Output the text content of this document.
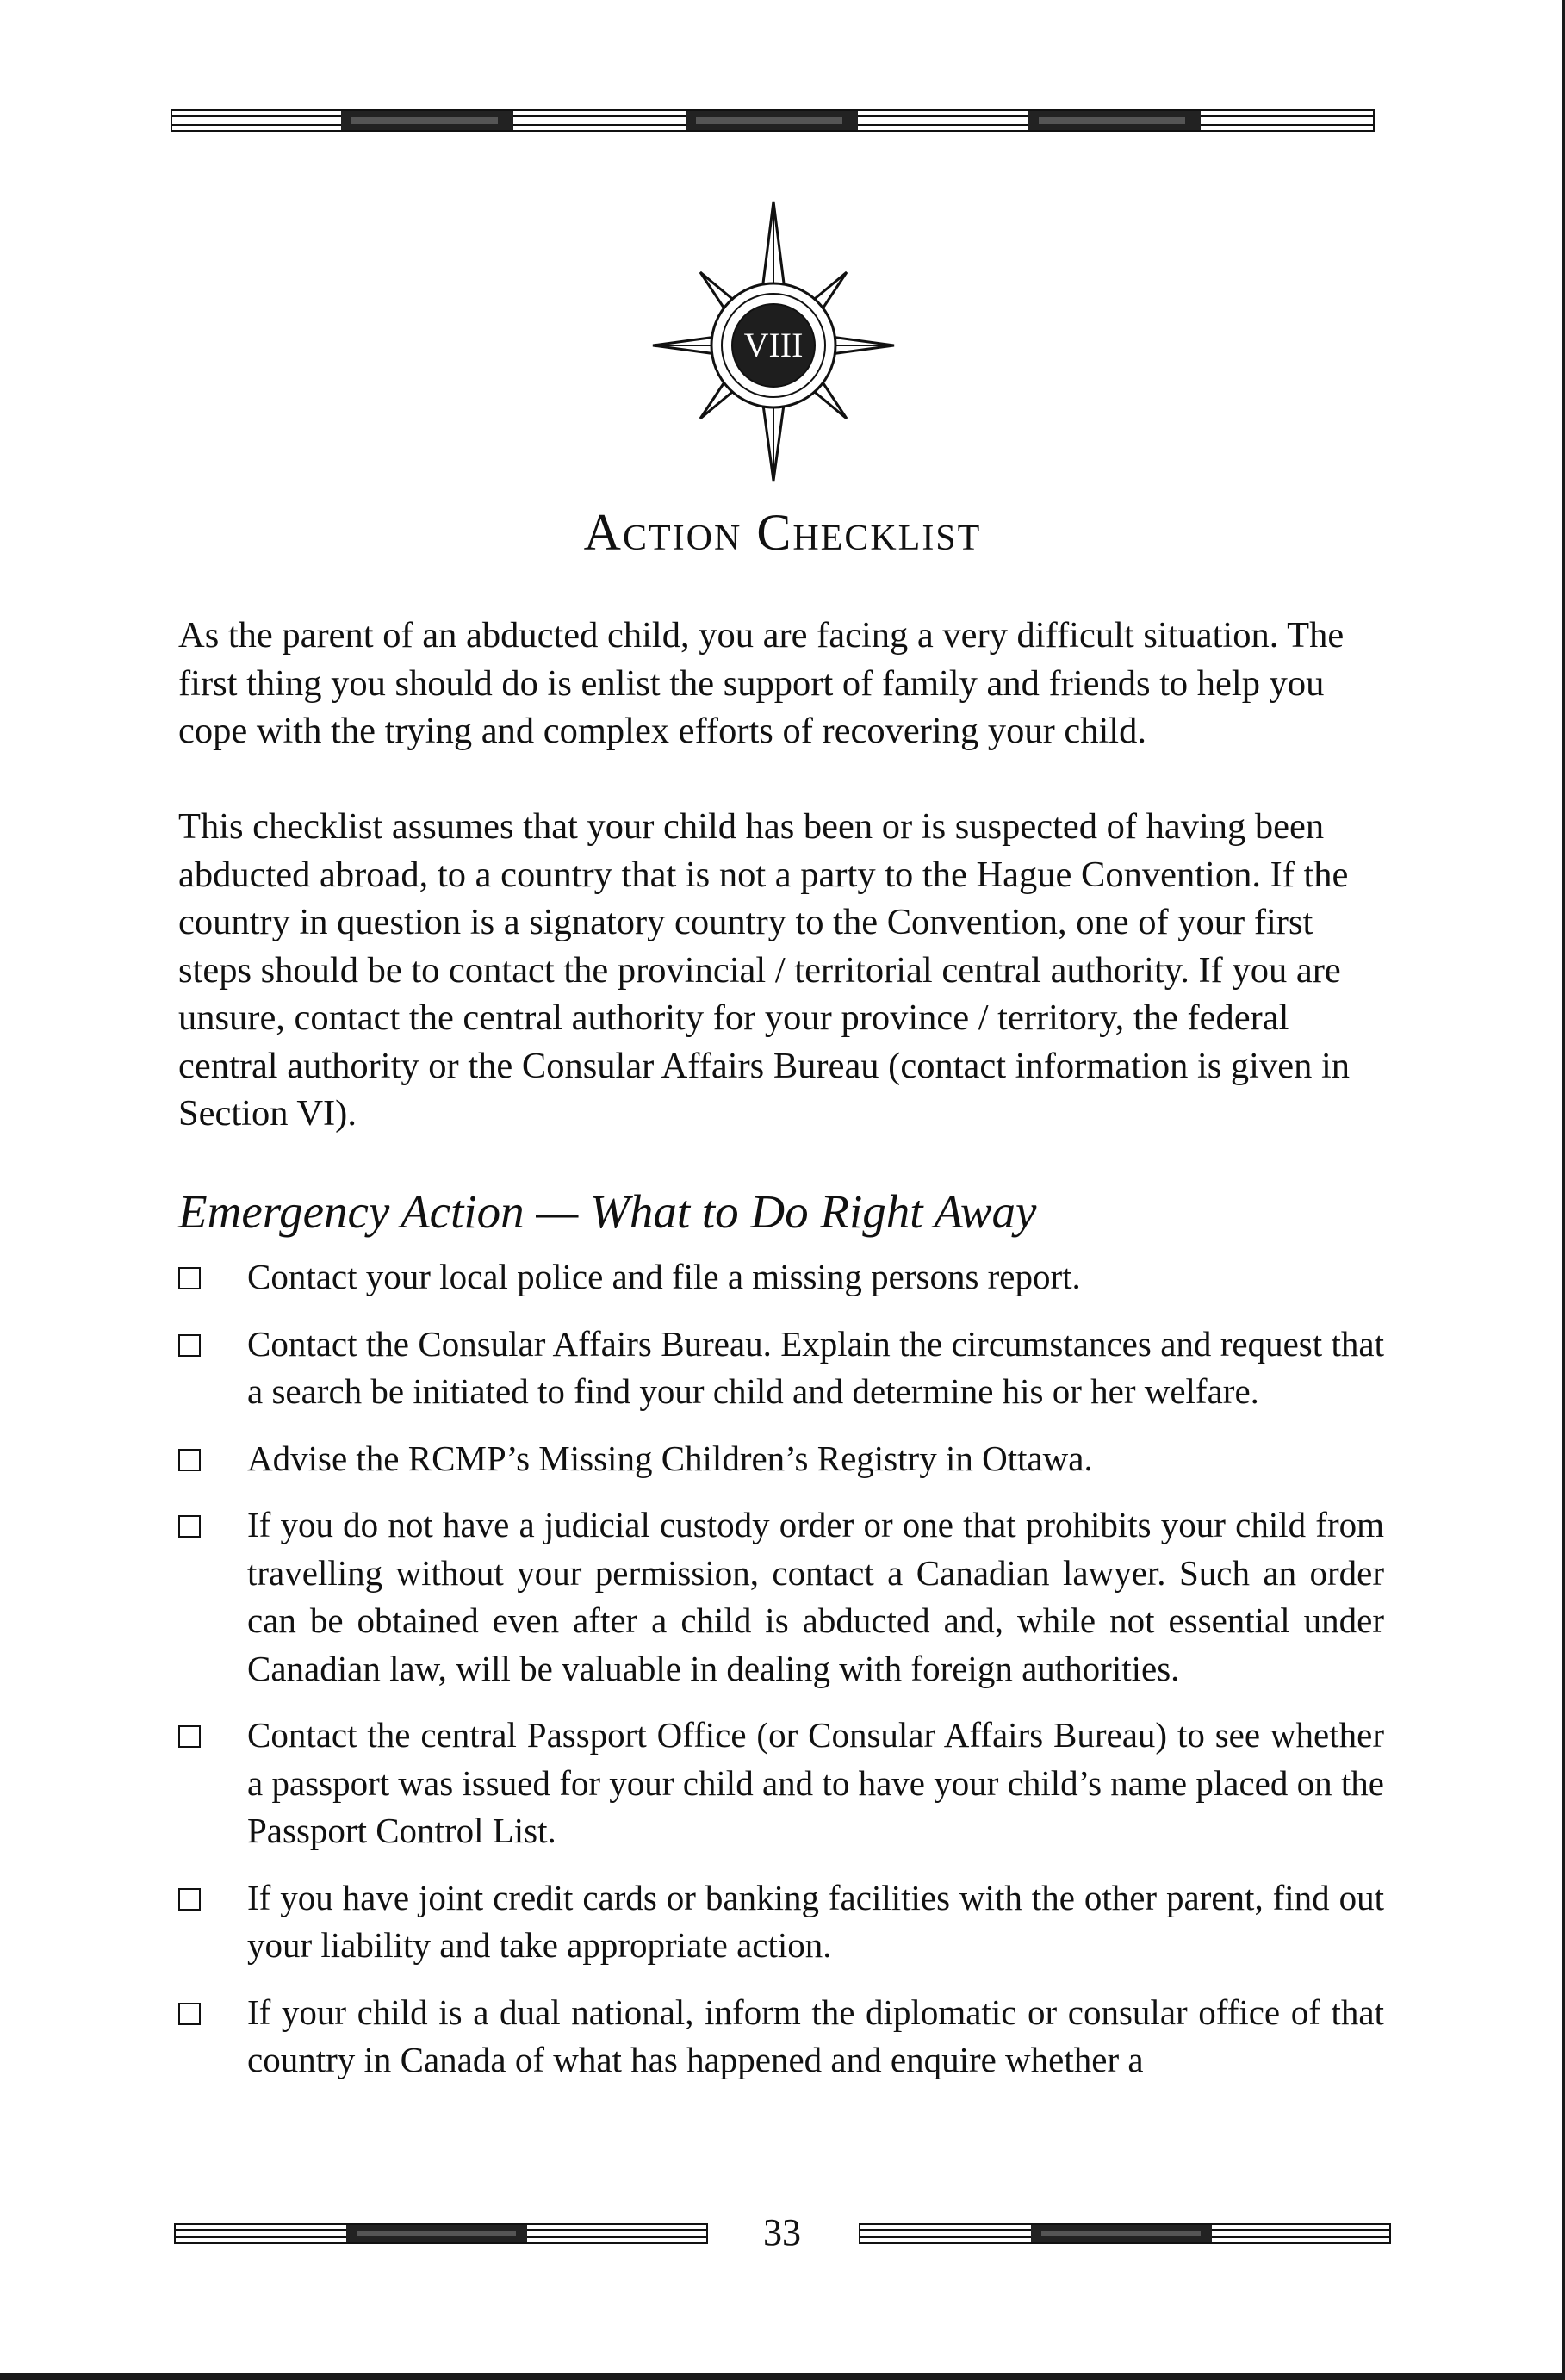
VIII
Action Checklist

As the parent of an abducted child, you are facing a very difficult situation. The first thing you should do is enlist the support of family and friends to help you cope with the trying and complex efforts of recovering your child.

This checklist assumes that your child has been or is suspected of having been abducted abroad, to a country that is not a party to the Hague Convention. If the country in question is a signatory country to the Convention, one of your first steps should be to contact the provincial / territorial central authority. If you are unsure, contact the central authority for your province / territory, the federal central authority or the Consular Affairs Bureau (contact information is given in Section VI).

Emergency Action — What to Do Right Away
Contact your local police and file a missing persons report.
Contact the Consular Affairs Bureau. Explain the circumstances and request that a search be initiated to find your child and determine his or her welfare.
Advise the RCMP’s Missing Children’s Registry in Ottawa.
If you do not have a judicial custody order or one that prohibits your child from travelling without your permission, contact a Canadian lawyer. Such an order can be obtained even after a child is abducted and, while not essential under Canadian law, will be valuable in dealing with foreign authorities.
Contact the central Passport Office (or Consular Affairs Bureau) to see whether a passport was issued for your child and to have your child’s name placed on the Passport Control List.
If you have joint credit cards or banking facilities with the other parent, find out your liability and take appropriate action.
If your child is a dual national, inform the diplomatic or consular office of that country in Canada of what has happened and enquire whether a
33
